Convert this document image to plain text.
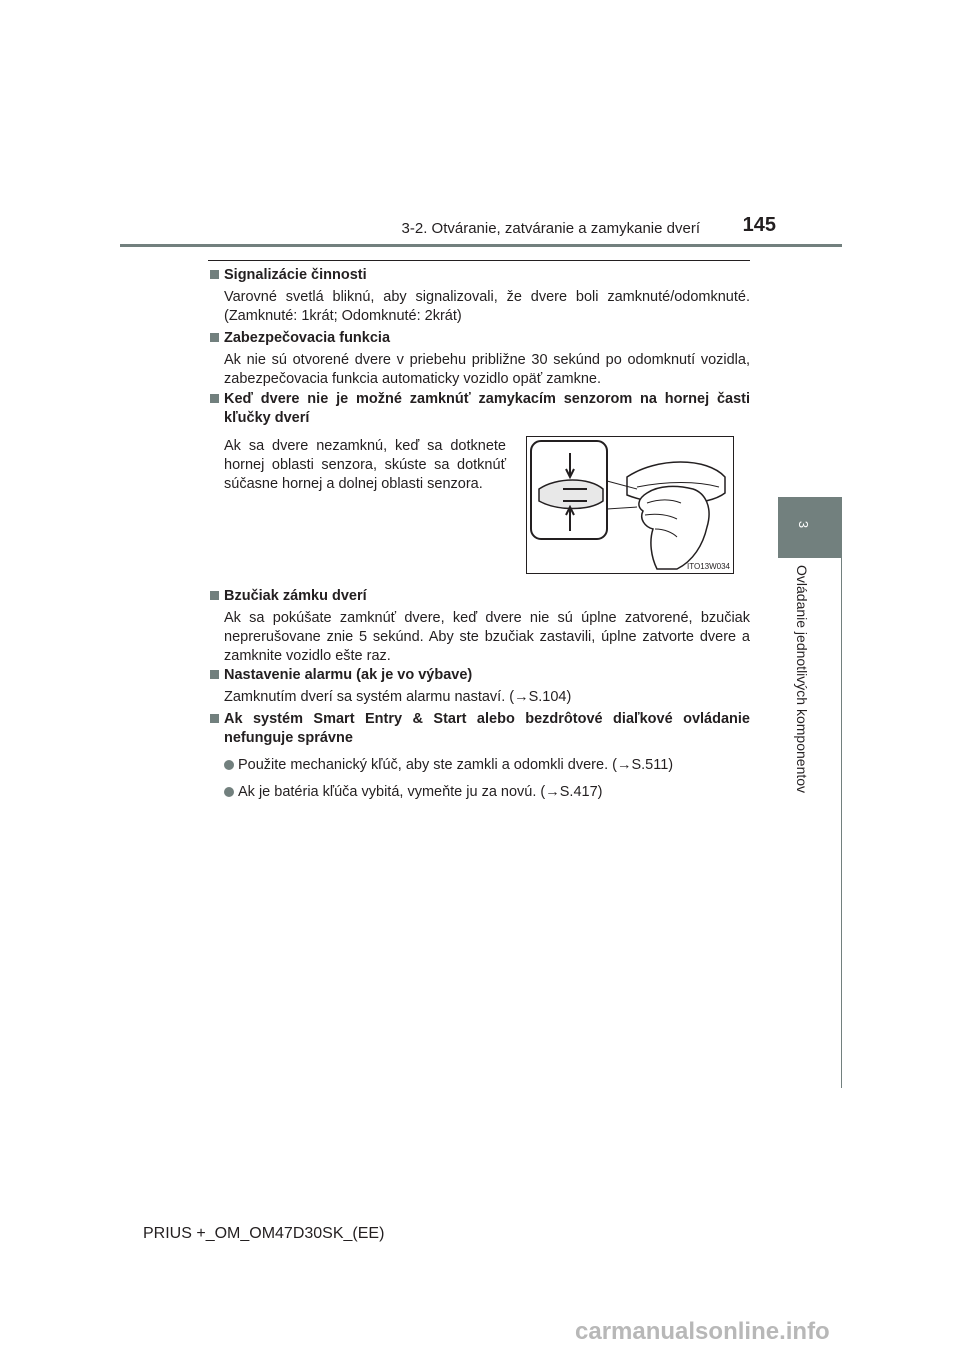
3-2. Otváranie, zatváranie a zamykanie dverí	145
3
Ovládanie jednotlivých komponentov

Signalizácie činnosti

Varovné svetlá bliknú, aby signalizovali, že dvere boli zamknuté/odomknuté. (Zamknuté: 1krát; Odomknuté: 2krát)

Zabezpečovacia funkcia

Ak nie sú otvorené dvere v priebehu približne 30 sekúnd po odomknutí vozidla, zabezpečovacia funkcia automaticky vozidlo opäť zamkne.

Keď dvere nie je možné zamknúť zamykacím senzorom na hornej časti kľučky dverí

Ak sa dvere nezamknú, keď sa dotknete hornej oblasti senzora, skúste sa dotknúť súčasne hornej a dolnej oblasti senzora.

ITO13W034

Bzučiak zámku dverí

Ak sa pokúšate zamknúť dvere, keď dvere nie sú úplne zatvorené, bzučiak neprerušovane znie 5 sekúnd. Aby ste bzučiak zastavili, úplne zatvorte dvere a zamknite vozidlo ešte raz.

Nastavenie alarmu (ak je vo výbave)

Zamknutím dverí sa systém alarmu nastaví. (→S.104)

Ak systém Smart Entry & Start alebo bezdrôtové diaľkové ovládanie nefunguje správne

Použite mechanický kľúč, aby ste zamkli a odomkli dvere. (→S.511)
Ak je batéria kľúča vybitá, vymeňte ju za novú. (→S.417)
PRIUS +_OM_OM47D30SK_(EE)
carmanualsonline.info
